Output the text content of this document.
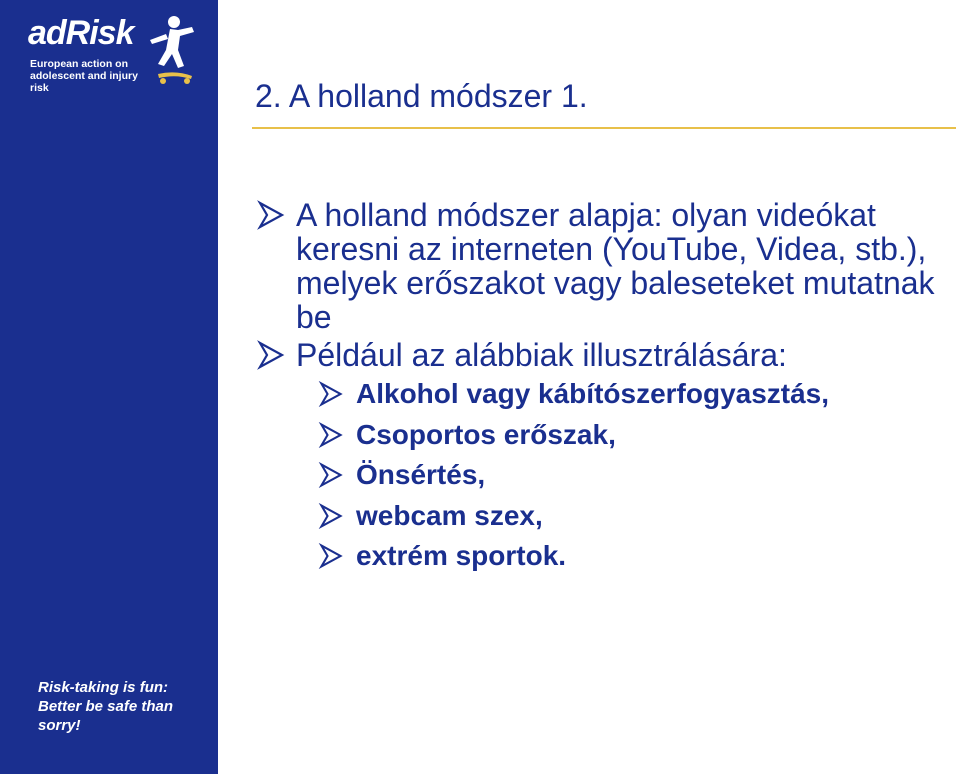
adRisk
European action on
adolescent and injury risk
Risk-taking is fun:
Better be safe than
sorry!
2. A holland módszer 1.
A holland módszer alapja: olyan videókat keresni az interneten (YouTube, Videa, stb.), melyek erőszakot vagy baleseteket mutatnak be
Például az alábbiak illusztrálására:
Alkohol vagy kábítószerfogyasztás,
Csoportos erőszak,
Önsértés,
webcam szex,
extrém sportok.
